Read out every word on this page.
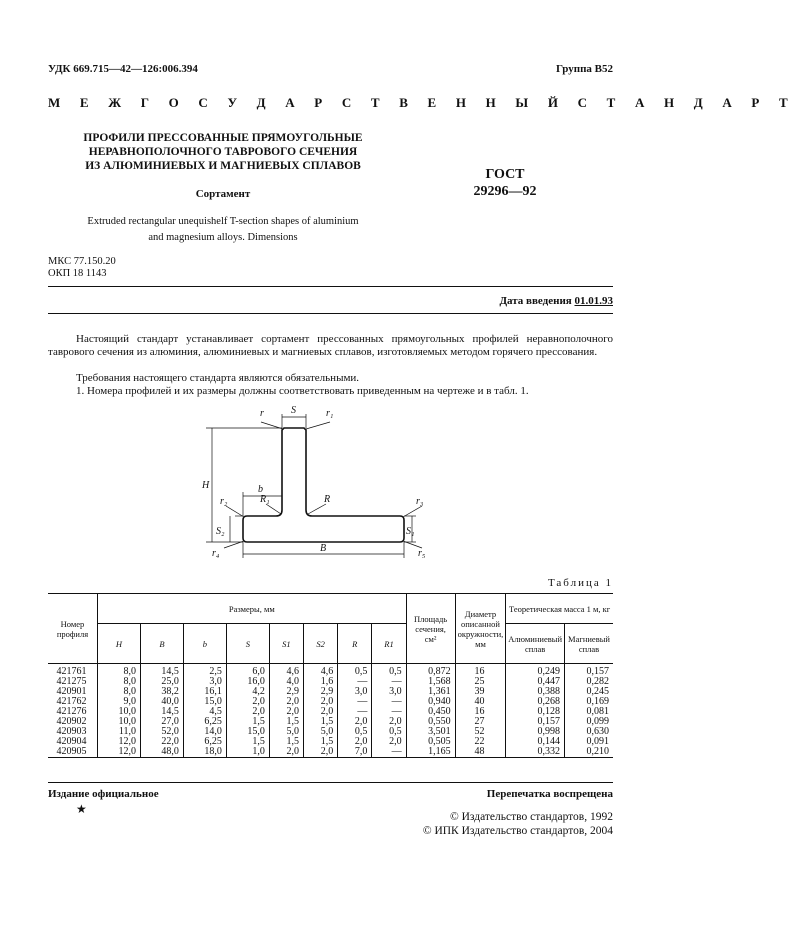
УДК 669.715—42—126:006.394	Группа В52
М Е Ж Г О С У Д А Р С Т В Е Н Н Ы Й С Т А Н Д А Р Т
ПРОФИЛИ ПРЕССОВАННЫЕ ПРЯМОУГОЛЬНЫЕ
НЕРАВНОПОЛОЧНОГО ТАВРОВОГО СЕЧЕНИЯ
ИЗ АЛЮМИНИЕВЫХ И МАГНИЕВЫХ СПЛАВОВ
Сортамент
ГОСТ
29296—92
Extruded rectangular unequishelf T-section shapes of aluminium
and magnesium alloys. Dimensions
МКС 77.150.20
ОКП 18 1143
Дата введения 01.01.93
Настоящий стандарт устанавливает сортамент прессованных прямоугольных профилей неравнополочного таврового сечения из алюминия, алюминиевых и магниевых сплавов, изготовляемых методом горячего прессования.
Требования настоящего стандарта являются обязательными.
1. Номера профилей и их размеры должны соответствовать приведенным на чертеже и в табл. 1.
r	S	r₁
H	b
R₁	R
r₂	r₃
S₂	S₁
r₄	B	r₅
Таблица 1
Номер профиля	Размеры, мм								Площадь сечения, см²	Диаметр описанной окружности, мм	Теоретическая масса 1 м, кг	
	H	B	b	S	S1	S2	R	R1			Алюминиевый сплав	Магниевый сплав
421761	8,0	14,5	2,5	6,0	4,6	4,6	0,5	0,5	0,872	16	0,249	0,157
421275	8,0	25,0	3,0	16,0	4,0	1,6	—	—	1,568	25	0,447	0,282
420901	8,0	38,2	16,1	4,2	2,9	2,9	3,0	3,0	1,361	39	0,388	0,245
421762	9,0	40,0	15,0	2,0	2,0	2,0	—	—	0,940	40	0,268	0,169
421276	10,0	14,5	4,5	2,0	2,0	2,0	—	—	0,450	16	0,128	0,081
420902	10,0	27,0	6,25	1,5	1,5	1,5	2,0	2,0	0,550	27	0,157	0,099
420903	11,0	52,0	14,0	15,0	5,0	5,0	0,5	0,5	3,501	52	0,998	0,630
420904	12,0	22,0	6,25	1,5	1,5	1,5	2,0	2,0	0,505	22	0,144	0,091
420905	12,0	48,0	18,0	1,0	2,0	2,0	7,0	—	1,165	48	0,332	0,210
Издание официальное	Перепечатка воспрещена
★
© Издательство стандартов, 1992
© ИПК Издательство стандартов, 2004
